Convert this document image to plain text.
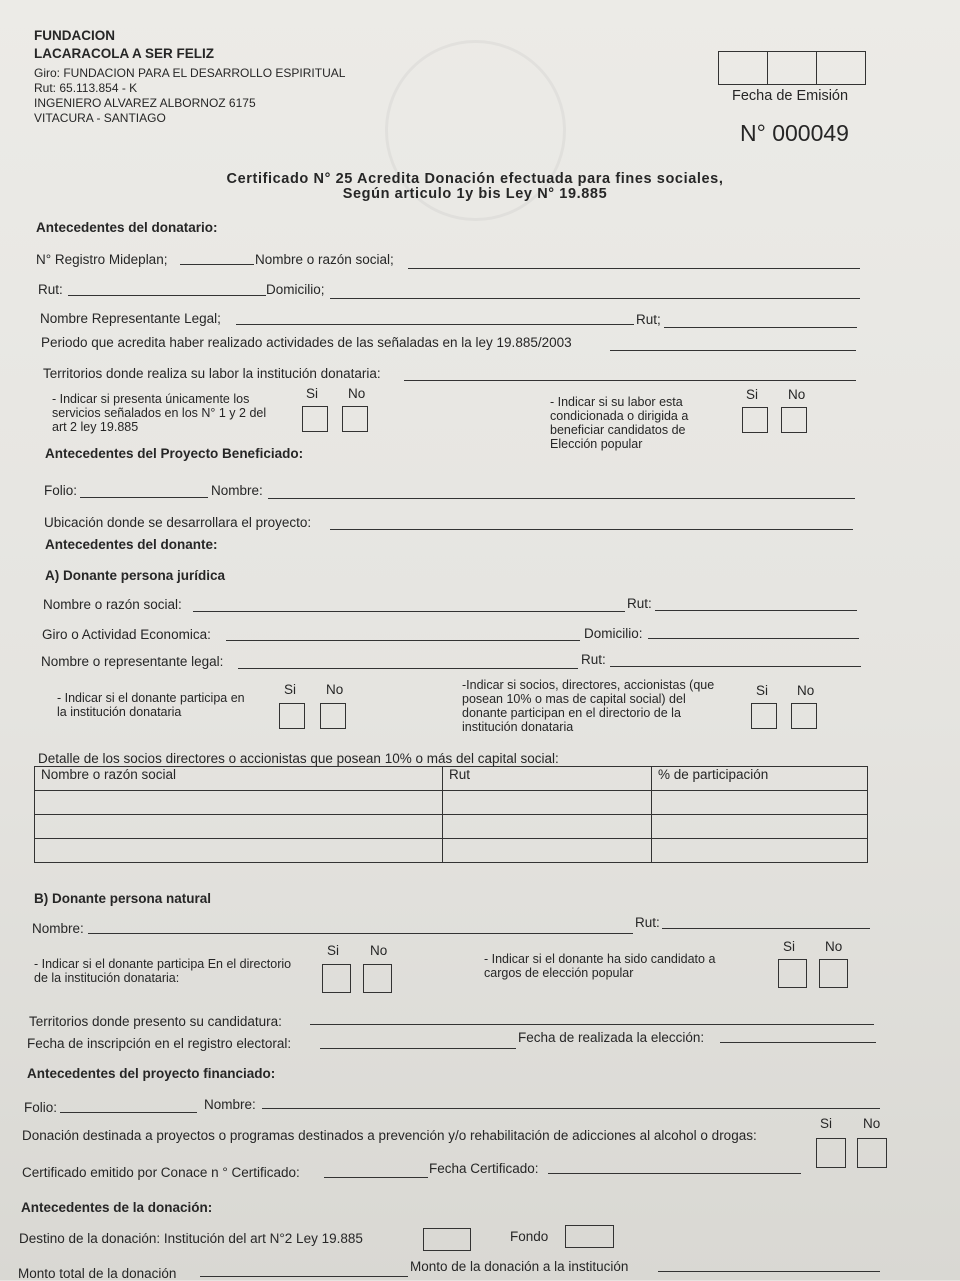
FUNDACION
LACARACOLA A SER FELIZ
Giro: FUNDACION PARA EL DESARROLLO ESPIRITUAL
Rut: 65.113.854 - K
INGENIERO ALVAREZ ALBORNOZ 6175
VITACURA - SANTIAGO
Fecha de Emisión
N° 000049
Certificado N° 25 Acredita Donación efectuada para fines sociales,
Según articulo 1y bis Ley N° 19.885
Antecedentes del donatario:
N° Registro Mideplan;	Nombre o razón social;
Rut:	Domicilio;
Nombre Representante Legal;	Rut;
Periodo que acredita haber realizado actividades de las señaladas en la ley 19.885/2003
Territorios donde realiza su labor la institución donataria:
- Indicar si presenta únicamente los servicios señalados en los N° 1 y 2 del art 2 ley 19.885
Si No
- Indicar si su labor esta condicionada o dirigida a beneficiar candidatos de Elección popular
Si No
Antecedentes del Proyecto Beneficiado:
Folio:	Nombre:
Ubicación donde se desarrollara el proyecto:
Antecedentes del donante:
A) Donante persona jurídica
Nombre o razón social:	Rut:
Giro o Actividad Economica:	Domicilio:
Nombre o representante legal:	Rut:
- Indicar si el donante participa en la institución donataria
Si No	-Indicar si socios, directores, accionistas (que posean 10% o mas de capital social) del donante participan en el directorio de la institución donataria
Si No
Detalle de los socios directores o accionistas que posean 10% o más del capital social:
Nombre o razón social	Rut	% de participación

B) Donante persona natural
Nombre:	Rut:
- Indicar si el donante participa En el directorio de la institución donataria:
Si No
- Indicar si el donante ha sido candidato a cargos de elección popular
Si No
Territorios donde presento su candidatura:
Fecha de inscripción en el registro electoral:	Fecha de realizada la elección:
Antecedentes del proyecto financiado:
Folio:	Nombre:
Donación destinada a proyectos o programas destinados a prevención y/o rehabilitación de adicciones al alcohol o drogas:
Si No
Certificado emitido por Conace n ° Certificado:	Fecha Certificado:
Antecedentes de la donación:
Destino de la donación: Institución del art N°2 Ley 19.885	Fondo
Monto total de la donación	Monto de la donación a la institución
